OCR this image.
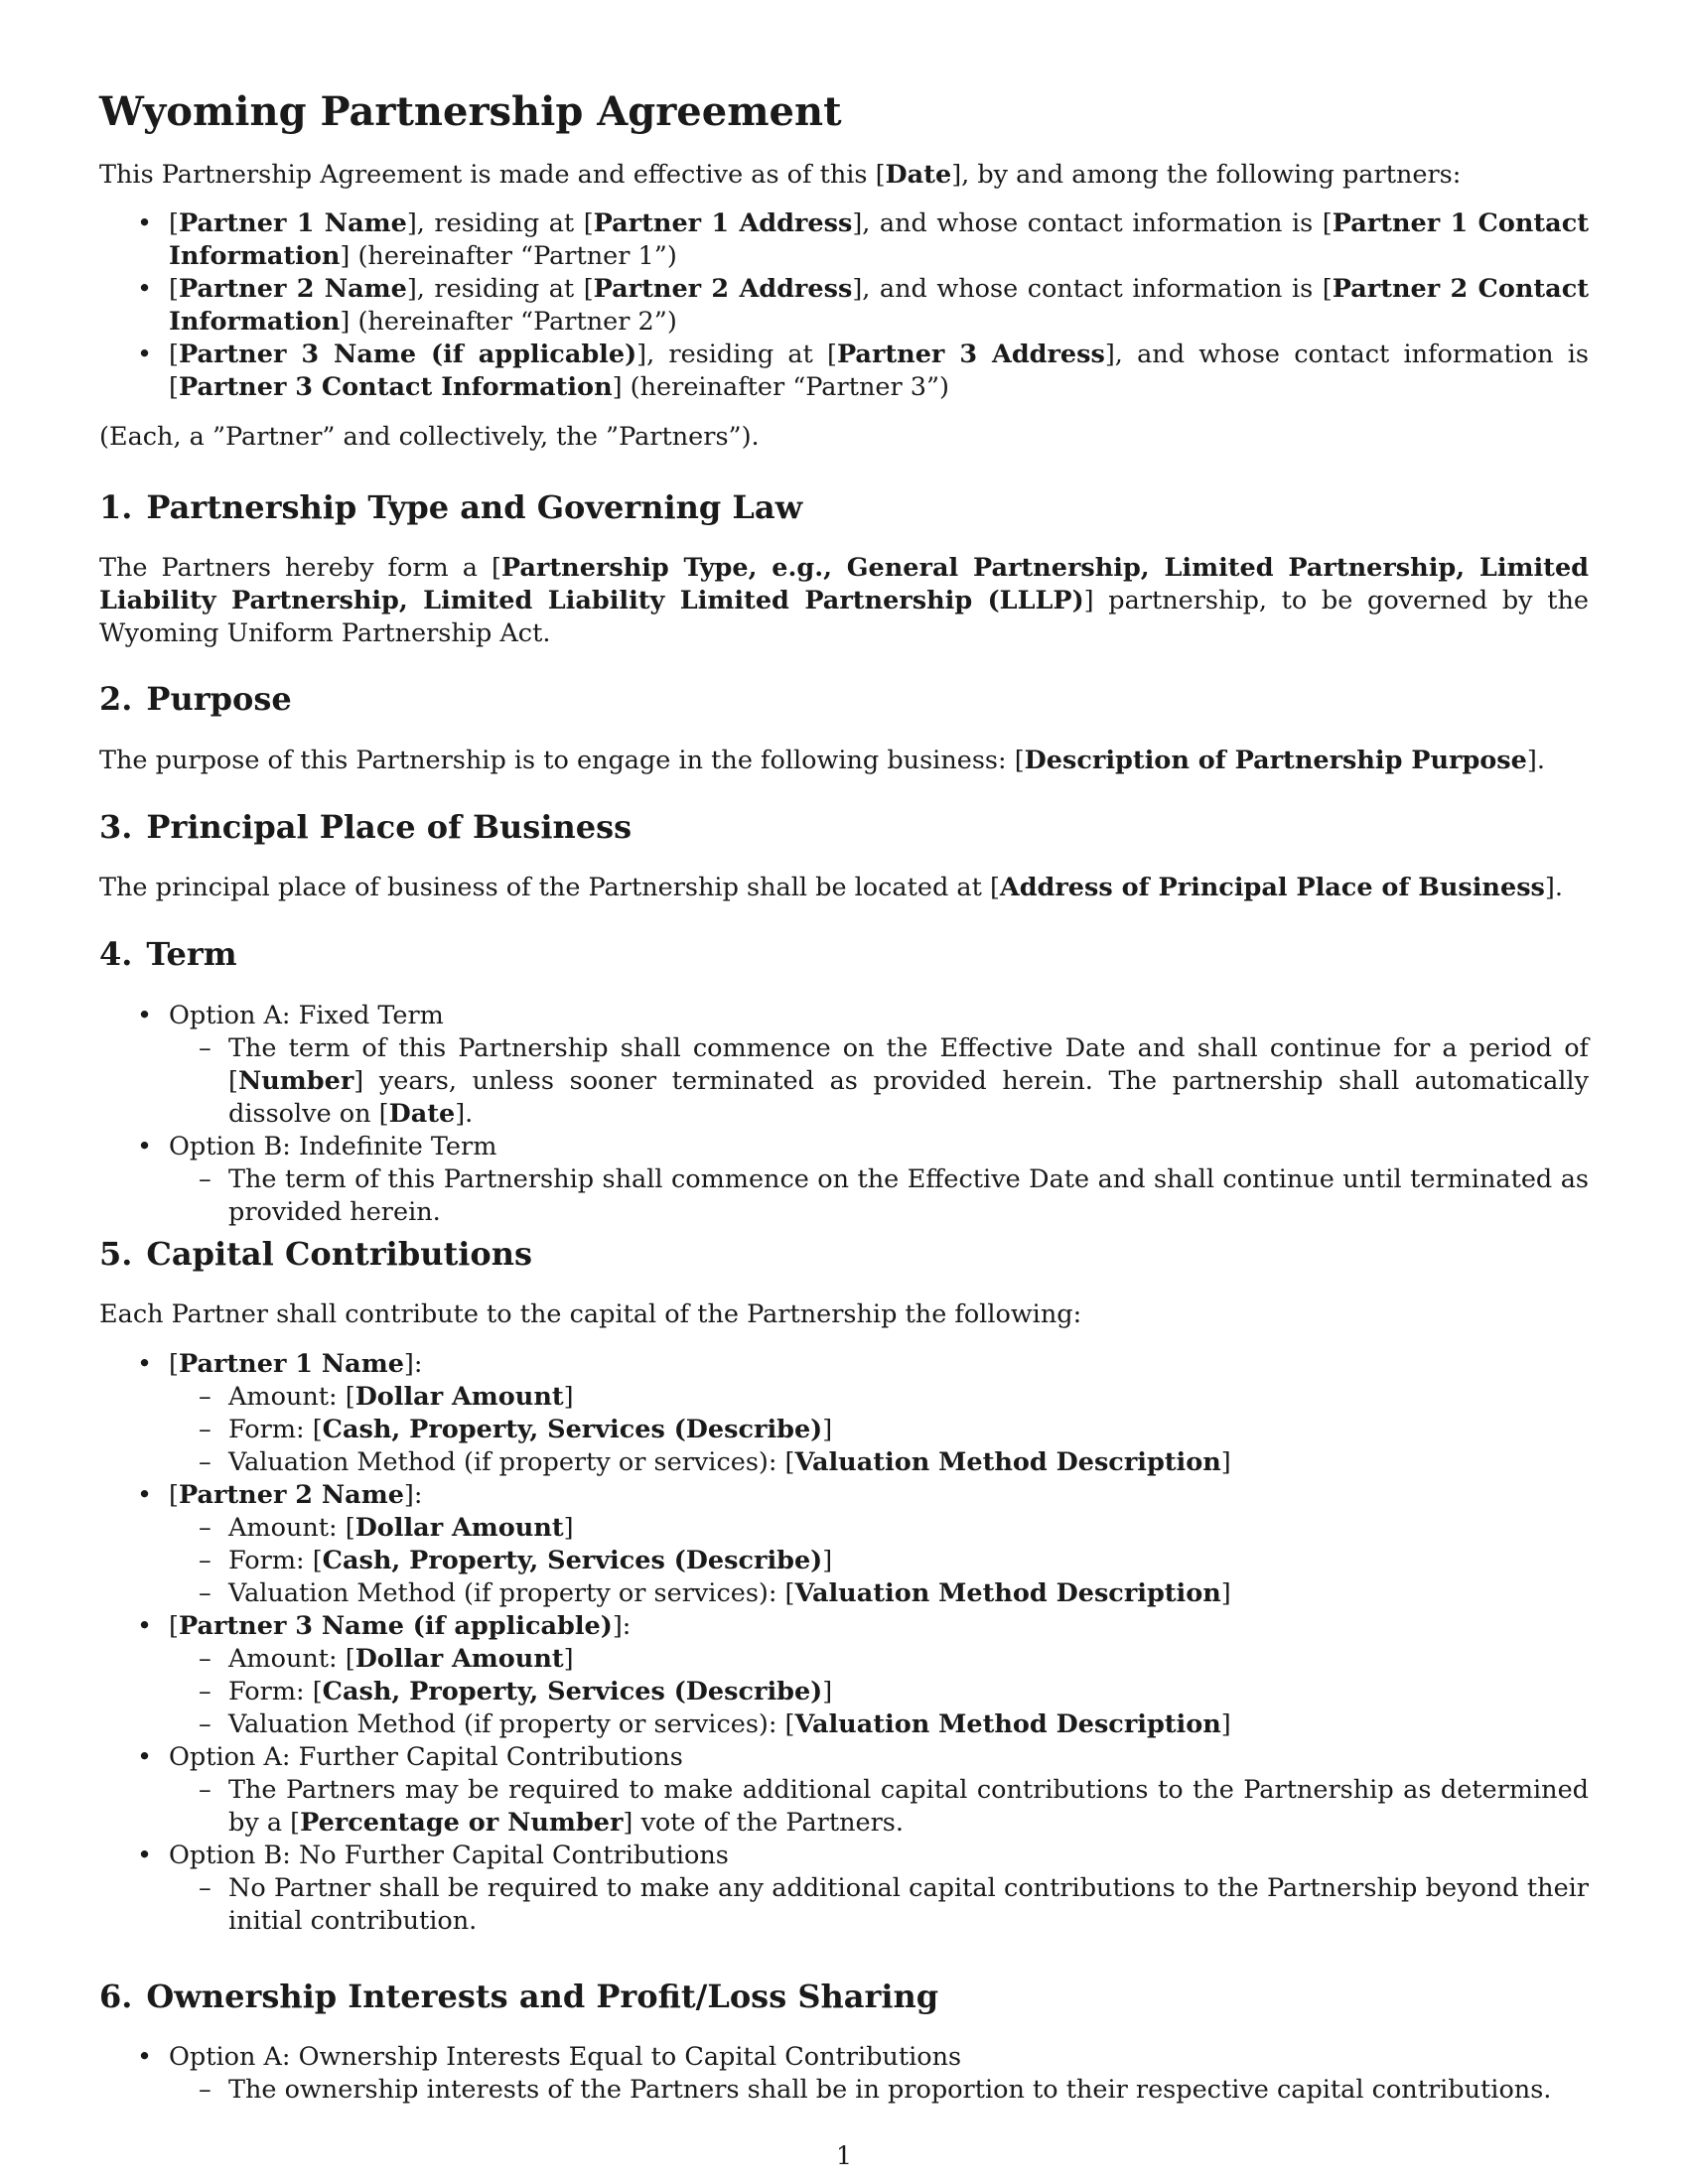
Wyoming Partnership Agreement

This Partnership Agreement is made and effective as of this [Date], by and among the following partners:

• [Partner 1 Name], residing at [Partner 1 Address], and whose contact information is [Partner 1 Contact Information] (hereinafter “Partner 1”)
• [Partner 2 Name], residing at [Partner 2 Address], and whose contact information is [Partner 2 Contact Information] (hereinafter “Partner 2”)
• [Partner 3 Name (if applicable)], residing at [Partner 3 Address], and whose contact information is [Partner 3 Contact Information] (hereinafter “Partner 3”)

(Each, a ”Partner” and collectively, the ”Partners”).

1. Partnership Type and Governing Law

The Partners hereby form a [Partnership Type, e.g., General Partnership, Limited Partnership, Limited Liability Partnership, Limited Liability Limited Partnership (LLLP)] partnership, to be governed by the Wyoming Uniform Partnership Act.

2. Purpose

The purpose of this Partnership is to engage in the following business: [Description of Partnership Purpose].

3. Principal Place of Business

The principal place of business of the Partnership shall be located at [Address of Principal Place of Business].

4. Term
• Option A: Fixed Term
– The term of this Partnership shall commence on the Effective Date and shall continue for a period of [Number] years, unless sooner terminated as provided herein. The partnership shall automatically dissolve on [Date].
• Option B: Indefinite Term
– The term of this Partnership shall commence on the Effective Date and shall continue until terminated as provided herein.
5. Capital Contributions

Each Partner shall contribute to the capital of the Partnership the following:

• [Partner 1 Name]:
– Amount: [Dollar Amount]
– Form: [Cash, Property, Services (Describe)]
– Valuation Method (if property or services): [Valuation Method Description]
• [Partner 2 Name]:
– Amount: [Dollar Amount]
– Form: [Cash, Property, Services (Describe)]
– Valuation Method (if property or services): [Valuation Method Description]
• [Partner 3 Name (if applicable)]:
– Amount: [Dollar Amount]
– Form: [Cash, Property, Services (Describe)]
– Valuation Method (if property or services): [Valuation Method Description]
• Option A: Further Capital Contributions
– The Partners may be required to make additional capital contributions to the Partnership as determined by a [Percentage or Number] vote of the Partners.
• Option B: No Further Capital Contributions
– No Partner shall be required to make any additional capital contributions to the Partnership beyond their initial contribution.
6. Ownership Interests and Profit/Loss Sharing
• Option A: Ownership Interests Equal to Capital Contributions
– The ownership interests of the Partners shall be in proportion to their respective capital contributions.
1
